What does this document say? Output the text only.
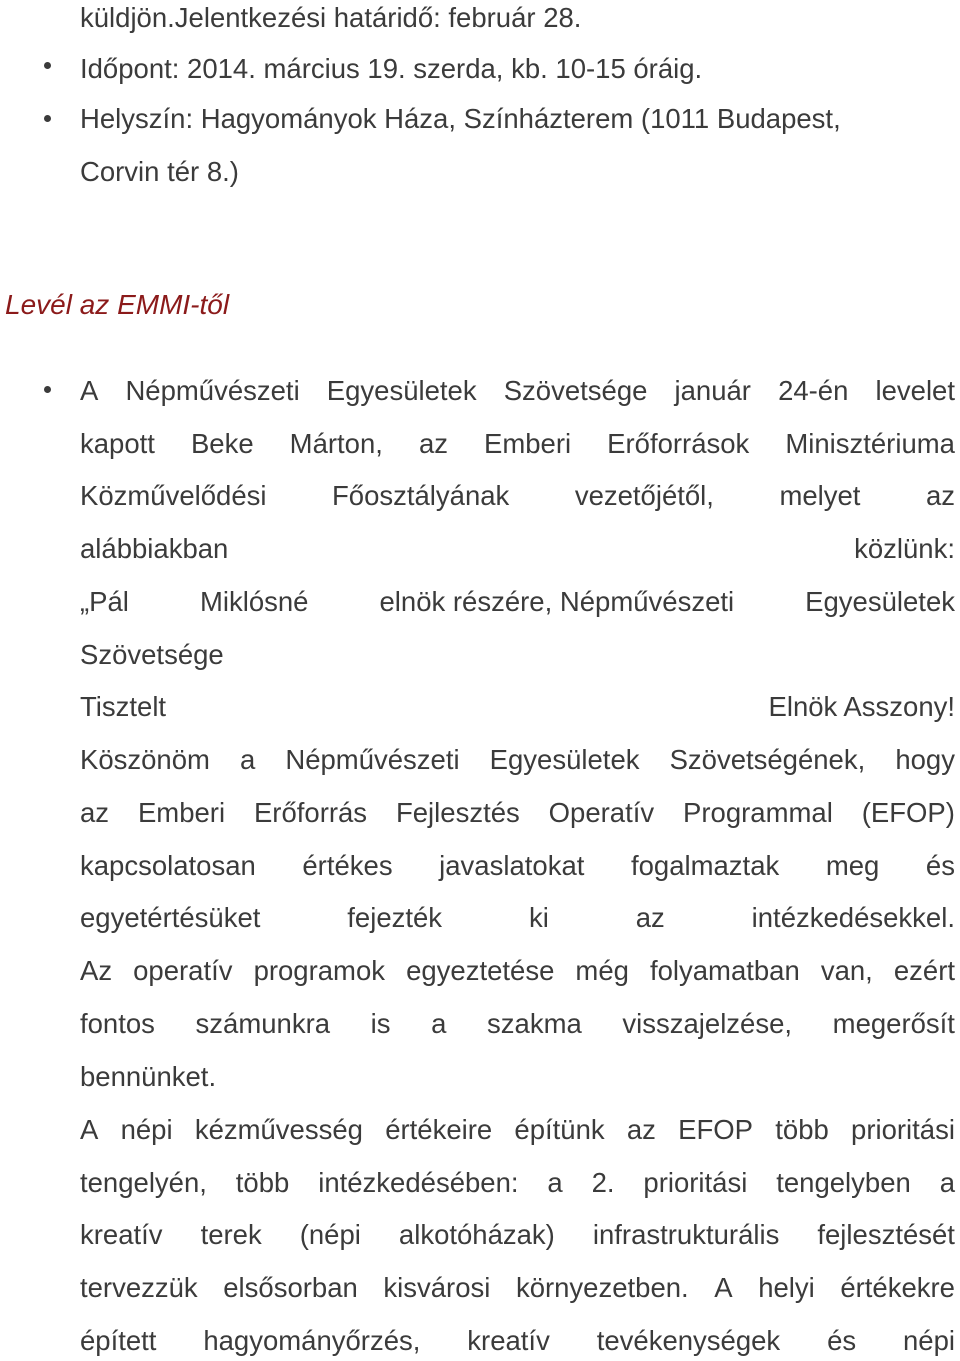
küldjön.Jelentkezési határidő: február 28.
Időpont: 2014. március 19. szerda, kb. 10-15 óráig.
Helyszín: Hagyományok Háza, Színházterem (1011 Budapest,
Corvin tér 8.)
Levél az EMMI-től
A Népművészeti Egyesületek Szövetsége január 24-én levelet
kapott Beke Márton, az Emberi Erőforrások Minisztériuma
Közművelődési Főosztályának vezetőjétől, melyet az
alábbiakban	közlünk:
„Pál	Miklósné	elnök részére, Népművészeti	Egyesületek
Szövetsége
Tisztelt	Elnök Asszony!
Köszönöm a Népművészeti Egyesületek Szövetségének, hogy
az Emberi Erőforrás Fejlesztés Operatív Programmal (EFOP)
kapcsolatosan értékes javaslatokat fogalmaztak meg és
egyetértésüket	fejezték	ki	az	intézkedésekkel.
Az operatív programok egyeztetése még folyamatban van, ezért
fontos számunkra is a szakma visszajelzése, megerősít
bennünket.
A népi kézművesség értékeire építünk az EFOP több prioritási
tengelyén, több intézkedésében: a 2. prioritási tengelyben a
kreatív terek (népi alkotóházak) infrastrukturális fejlesztését
tervezzük elsősorban kisvárosi környezetben. A helyi értékekre
épített hagyományőrzés, kreatív tevékenységek és népi
